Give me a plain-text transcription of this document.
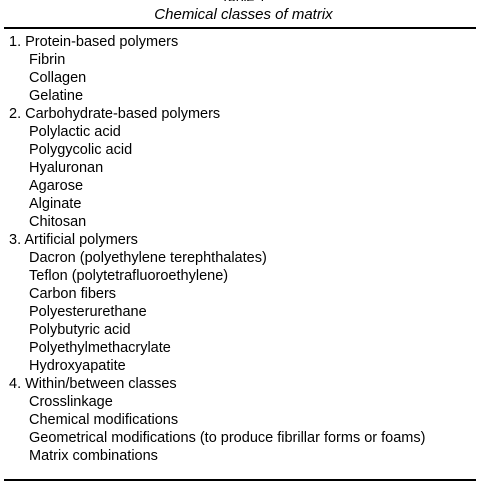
Chemical classes of matrix
1. Protein-based polymers
Fibrin
Collagen
Gelatine
2. Carbohydrate-based polymers
Polylactic acid
Polygycolic acid
Hyaluronan
Agarose
Alginate
Chitosan
3. Artificial polymers
Dacron (polyethylene terephthalates)
Teflon (polytetrafluoroethylene)
Carbon fibers
Polyesterurethane
Polybutyric acid
Polyethylmethacrylate
Hydroxyapatite
4. Within/between classes
Crosslinkage
Chemical modifications
Geometrical modifications (to produce fibrillar forms or foams)
Matrix combinations
